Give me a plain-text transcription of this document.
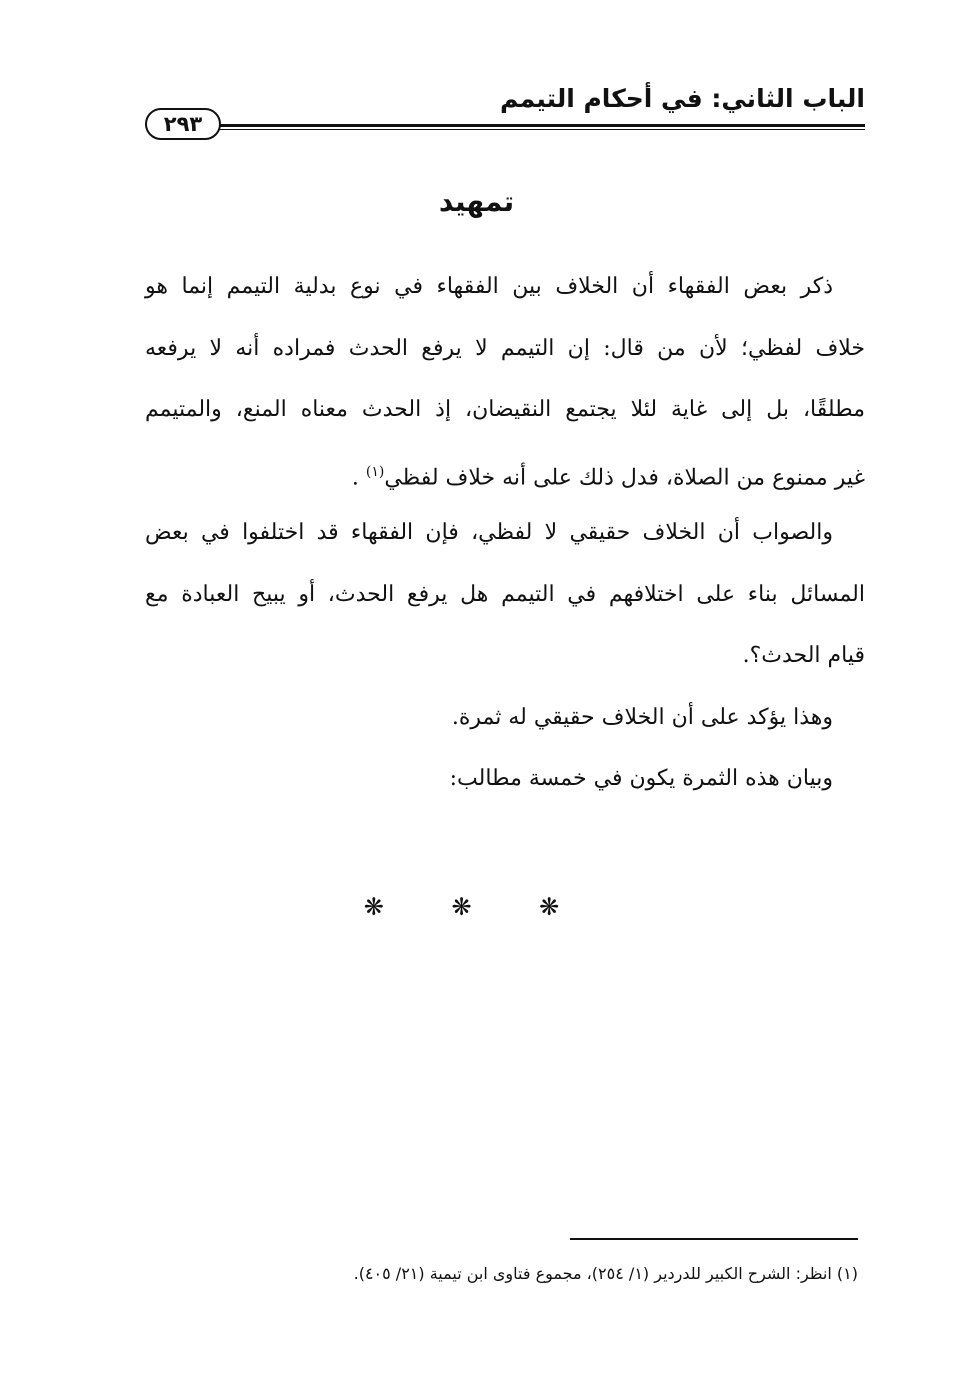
الباب الثاني: في أحكام التيمم
٢٩٣
تمهيد
ذكر بعض الفقهاء أن الخلاف بين الفقهاء في نوع بدلية التيمم إنما هو
خلاف لفظي؛ لأن من قال: إن التيمم لا يرفع الحدث فمراده أنه لا يرفعه
مطلقًا، بل إلى غاية لئلا يجتمع النقيضان، إذ الحدث معناه المنع، والمتيمم
غير ممنوع من الصلاة، فدل ذلك على أنه خلاف لفظي$^{(١)}$ .
والصواب أن الخلاف حقيقي لا لفظي، فإن الفقهاء قد اختلفوا في بعض
المسائل بناء على اختلافهم في التيمم هل يرفع الحدث، أو يبيح العبادة مع
قيام الحدث؟.
وهذا يؤكد على أن الخلاف حقيقي له ثمرة.
وبيان هذه الثمرة يكون في خمسة مطالب:
❋ ❋ ❋
(١) انظر: الشرح الكبير للدردير (١/ ٢٥٤)، مجموع فتاوى ابن تيمية (٢١/ ٤٠٥).
